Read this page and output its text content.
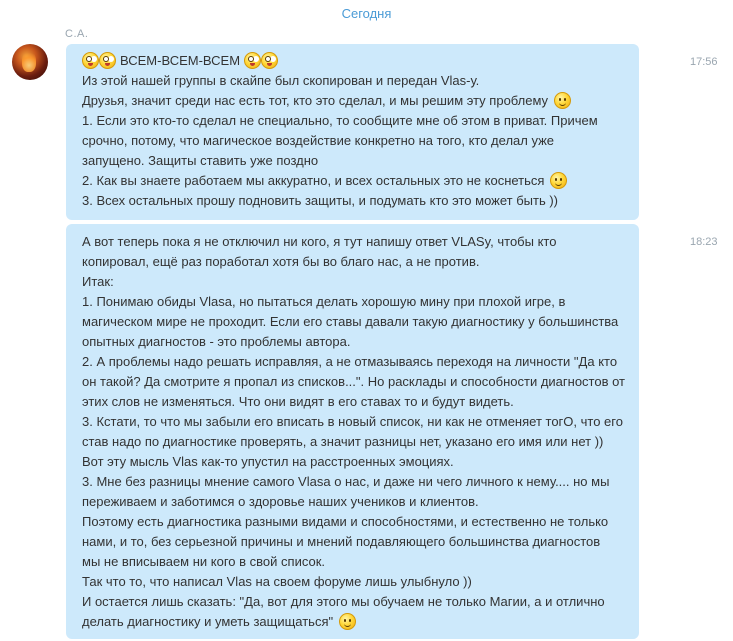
Сегодня
С.А.
ВСЕМ-ВСЕМ-ВСЕМ
Из этой нашей группы в скайпе был скопирован и передан Vlas-у.
Друзья, значит среди нас есть тот, кто это сделал, и мы решим эту проблему
1. Если это кто-то сделал не специально, то сообщите мне об этом в приват. Причем
срочно, потому, что магическое воздействие конкретно на того, кто делал уже
запущено. Защиты ставить уже поздно
2. Как вы знаете работаем мы аккуратно, и всех остальных это не коснеться
3. Всех остальных прошу подновить защиты, и подумать кто это может быть ))
17:56
А вот теперь пока я не отключил ни кого, я тут напишу ответ VLASy, чтобы кто
копировал, ещё раз поработал хотя бы во благо нас, а не против.
Итак:
1. Понимаю обиды Vlasa, но пытаться делать хорошую мину при плохой игре, в
магическом мире не проходит. Если его ставы давали такую диагностику у большинства
опытных диагностов - это проблемы автора.
2. А проблемы надо решать исправляя, а не отмазываясь переходя на личности "Да кто
он такой? Да смотрите я пропал из списков...". Но расклады и способности диагностов от
этих слов не изменяться. Что они видят в его ставах то и будут видеть.
3. Кстати, то что мы забыли его вписать в новый список, ни как не отменяет тогО, что его
став надо по диагностике проверять, а значит разницы нет, указано его имя или нет ))
Вот эту мысль Vlas как-то упустил на расстроенных эмоциях.
3. Мне без разницы мнение самого Vlasa о нас, и даже ни чего личного к нему.... но мы
переживаем и заботимся о здоровье наших учеников и клиентов.
Поэтому есть диагностика разными видами и способностями, и естественно не только
нами, и то, без серьезной причины и мнений подавляющего большинства диагностов
мы не вписываем ни кого в свой список.
Так что то, что написал Vlas на своем форуме лишь улыбнуло ))
И остается лишь сказать: "Да, вот для этого мы обучаем не только Магии, а и отлично
делать диагностику и уметь защищаться"
18:23
